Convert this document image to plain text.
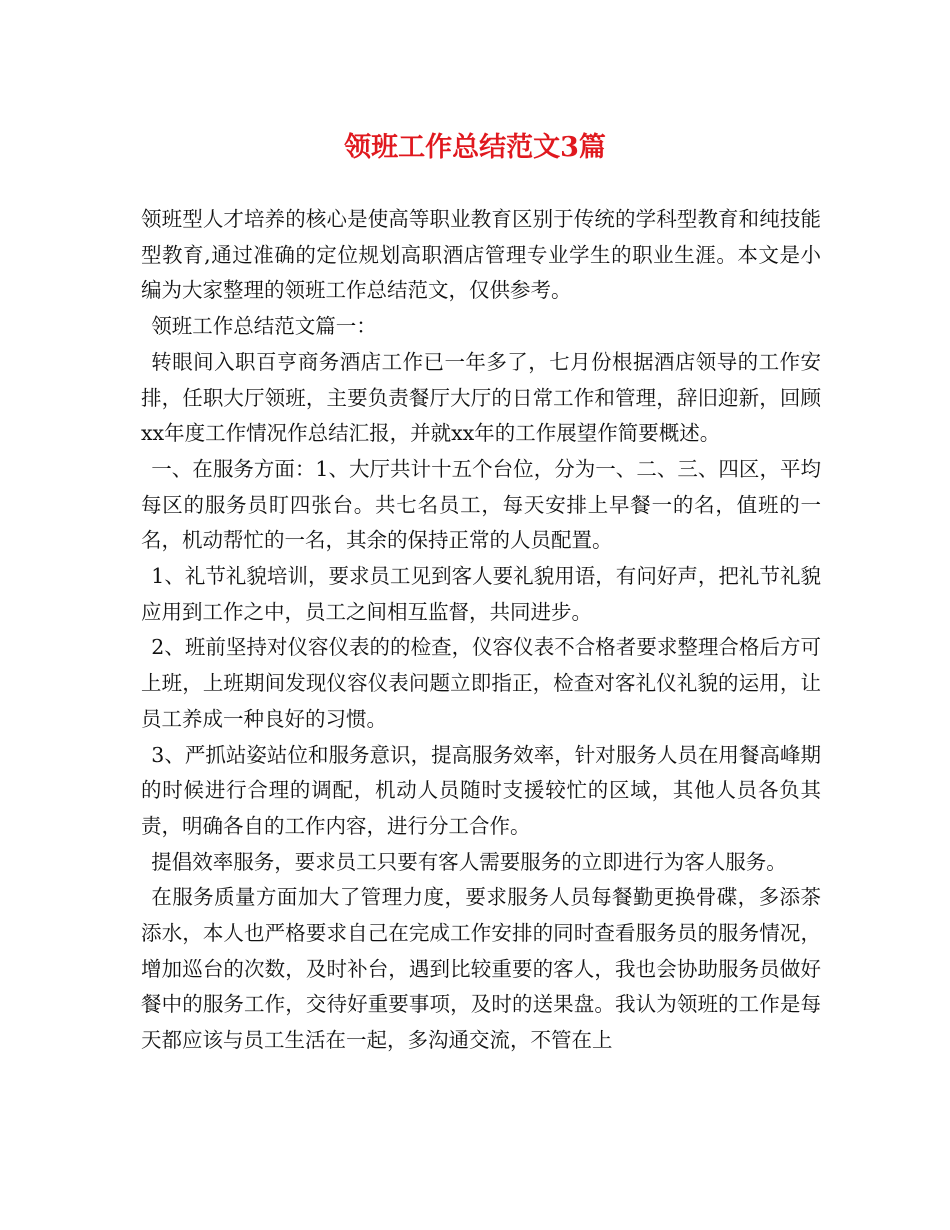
领班工作总结范文3篇

领班型人才培养的核心是使高等职业教育区别于传统的学科型教育和纯技能型教育,通过准确的定位规划高职酒店管理专业学生的职业生涯。本文是小编为大家整理的领班工作总结范文，仅供参考。

领班工作总结范文篇一：

转眼间入职百亨商务酒店工作已一年多了，七月份根据酒店领导的工作安排，任职大厅领班，主要负责餐厅大厅的日常工作和管理，辞旧迎新，回顾xx年度工作情况作总结汇报，并就xx年的工作展望作简要概述。

一、在服务方面：1、大厅共计十五个台位，分为一、二、三、四区，平均每区的服务员盯四张台。共七名员工，每天安排上早餐一的名，值班的一名，机动帮忙的一名，其余的保持正常的人员配置。

1、礼节礼貌培训，要求员工见到客人要礼貌用语，有问好声，把礼节礼貌应用到工作之中，员工之间相互监督，共同进步。

2、班前坚持对仪容仪表的的检查，仪容仪表不合格者要求整理合格后方可上班，上班期间发现仪容仪表问题立即指正，检查对客礼仪礼貌的运用，让员工养成一种良好的习惯。

3、严抓站姿站位和服务意识，提高服务效率，针对服务人员在用餐高峰期的时候进行合理的调配，机动人员随时支援较忙的区域，其他人员各负其责，明确各自的工作内容，进行分工合作。

提倡效率服务，要求员工只要有客人需要服务的立即进行为客人服务。

在服务质量方面加大了管理力度，要求服务人员每餐勤更换骨碟，多添茶添水，本人也严格要求自己在完成工作安排的同时查看服务员的服务情况，增加巡台的次数，及时补台，遇到比较重要的客人，我也会协助服务员做好餐中的服务工作，交待好重要事项，及时的送果盘。我认为领班的工作是每天都应该与员工生活在一起，多沟通交流，不管在上
